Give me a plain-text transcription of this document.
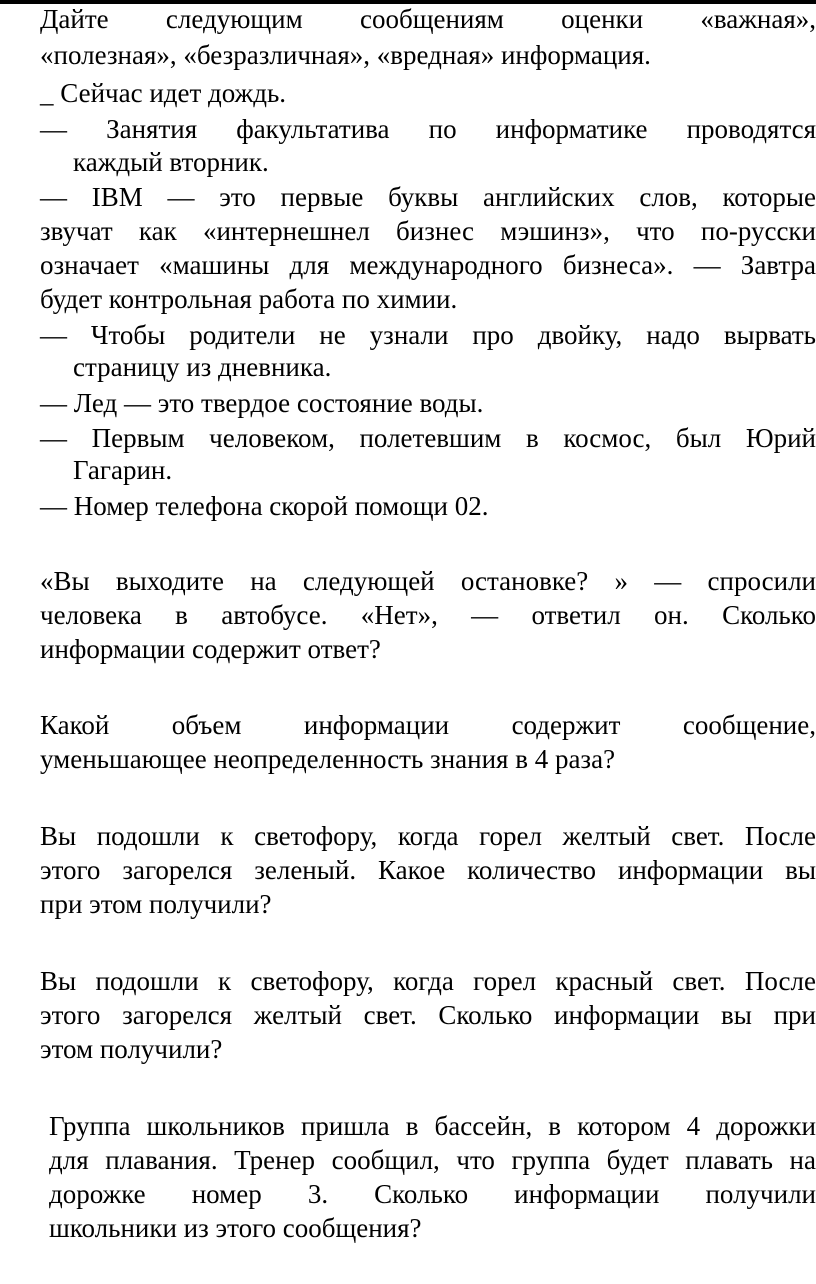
Дайте следующим сообщениям оценки «важная»,
«полезная», «безразличная», «вредная» информация.
_ Сейчас идет дождь.
— Занятия факультатива по информатике проводятся
каждый вторник.
— IBM — это первые буквы английских слов, которые
звучат как «интернешнел бизнес мэшинз», что по-русски
означает «машины для международного бизнеса». — Завтра
будет контрольная работа по химии.
— Чтобы родители не узнали про двойку, надо вырвать
страницу из дневника.
— Лед — это твердое состояние воды.
— Первым человеком, полетевшим в космос, был Юрий
Гагарин.
— Номер телефона скорой помощи 02.
«Вы выходите на следующей остановке? » — спросили
человека в автобусе. «Нет», — ответил он. Сколько
информации содержит ответ?
Какой объем информации содержит сообщение,
уменьшающее неопределенность знания в 4 раза?
Вы подошли к светофору, когда горел желтый свет. После
этого загорелся зеленый. Какое количество информации вы
при этом получили?
Вы подошли к светофору, когда горел красный свет. После
этого загорелся желтый свет. Сколько информации вы при
этом получили?
Группа школьников пришла в бассейн, в котором 4 дорожки
для плавания. Тренер сообщил, что группа будет плавать на
дорожке номер 3. Сколько информации получили
школьники из этого сообщения?
